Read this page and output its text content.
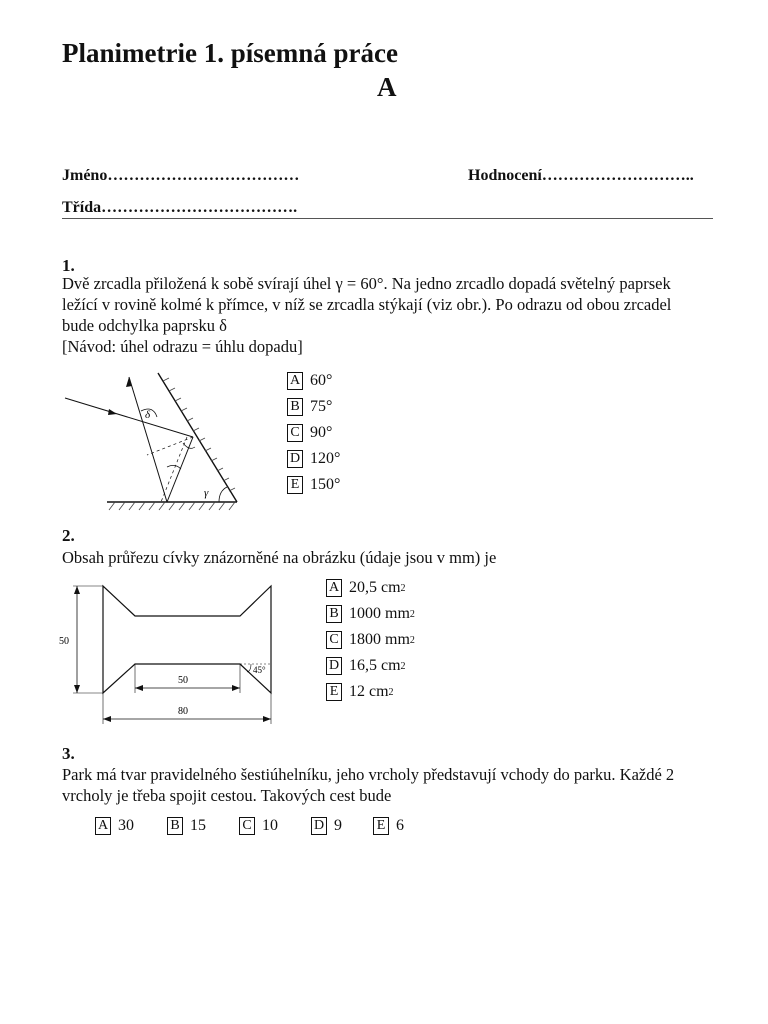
Planimetrie 1. písemná práce
A
Jméno………………………………	Hodnocení………………………..
Třída……………………………….
1.
Dvě zrcadla přiložená k sobě svírají úhel γ = 60°. Na jedno zrcadlo dopadá světelný paprsek
ležící v rovině kolmé k přímce, v níž se zrcadla stýkají (viz obr.). Po odrazu od obou zrcadel
bude odchylka paprsku δ
[Návod: úhel odrazu = úhlu dopadu]
δ
γ
A 60°
B 75°
C 90°
D 120°
E 150°
2.
Obsah průřezu cívky znázorněné na obrázku (údaje jsou v mm) je
50
50
80
45°
A 20,5 cm 2
B 1000 mm 2
C 1800 mm 2
D 16,5 cm 2
E 12 cm 2
3.
Park má tvar pravidelného šestiúhelníku, jeho vrcholy představují vchody do parku. Každé 2
vrcholy je třeba spojit cestou. Takových cest bude
A 30	B 15	C 10	D 9 E 6
